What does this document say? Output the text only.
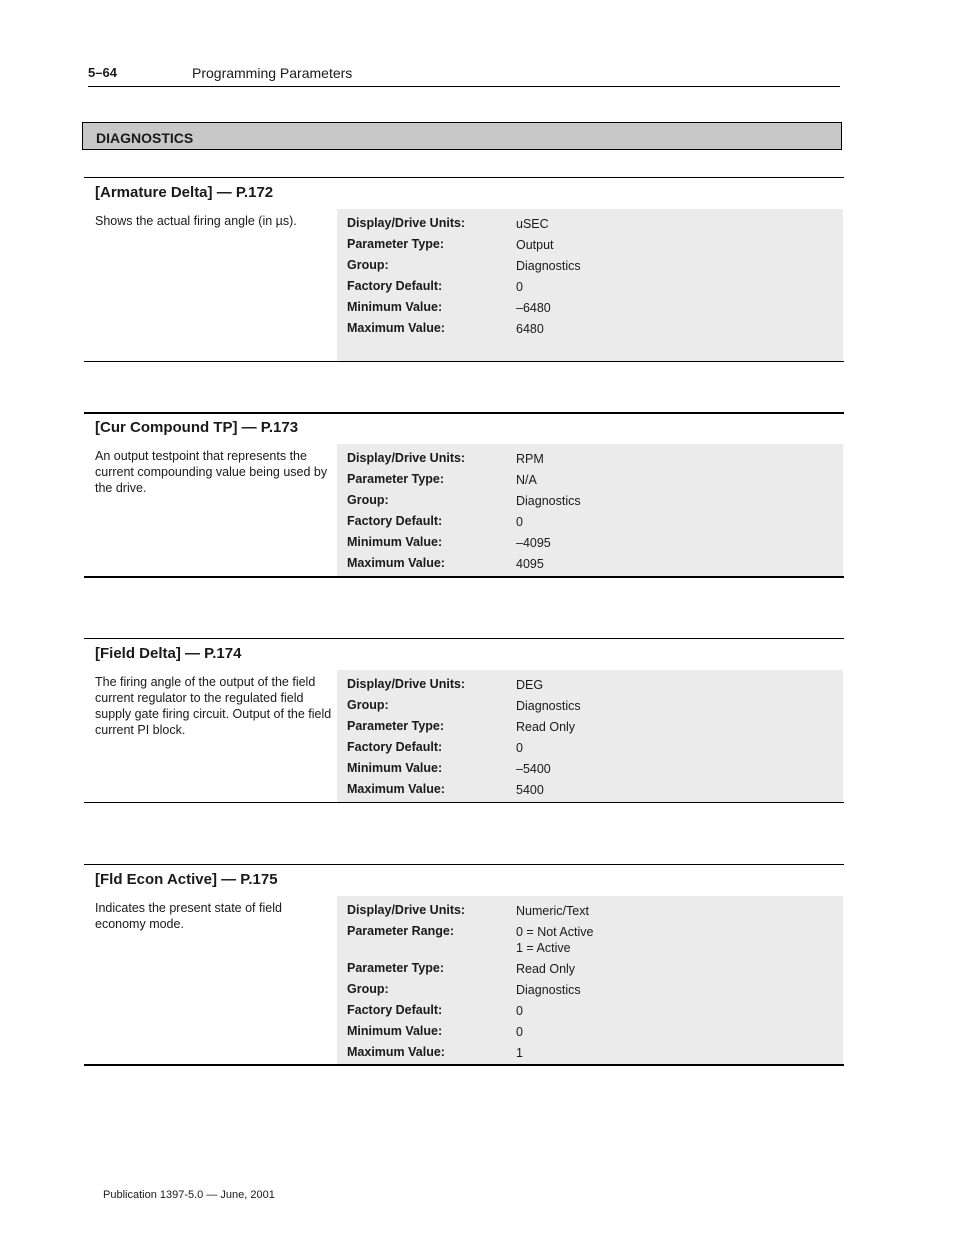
5–64	Programming Parameters
DIAGNOSTICS
[Armature Delta] — P.172
Shows the actual firing angle (in µs).	Display/Drive Units:	uSEC
Parameter Type:	Output
Group:	Diagnostics
Factory Default:	0
Minimum Value:	–6480
Maximum Value:	6480
[Cur Compound TP] — P.173
An output testpoint that represents the current compounding value being used by the drive.
Display/Drive Units:	RPM
Parameter Type:	N/A
Group:	Diagnostics
Factory Default:	0
Minimum Value:	–4095
Maximum Value:	4095
[Field Delta] — P.174
The firing angle of the output of the field current regulator to the regulated field supply gate firing circuit. Output of the field current PI block.
Display/Drive Units:	DEG
Group:	Diagnostics
Parameter Type:	Read Only
Factory Default:	0
Minimum Value:	–5400
Maximum Value:	5400
[Fld Econ Active] — P.175
Indicates the present state of field economy mode.
Display/Drive Units:	Numeric/Text
Parameter Range:	0 = Not Active
1 = Active
Parameter Type:	Read Only
Group:	Diagnostics
Factory Default:	0
Minimum Value:	0
Maximum Value:	1
Publication 1397-5.0 — June, 2001
